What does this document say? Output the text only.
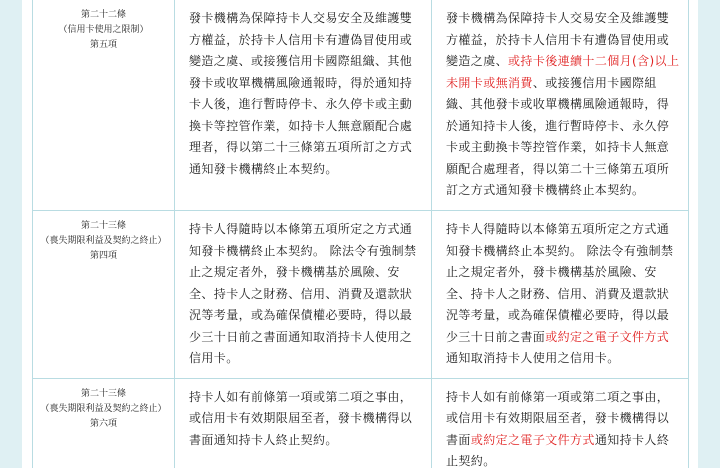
第二十二條
（信用卡使用之限制）
第五項	發卡機構為保障持卡人交易安全及維護雙方權益，於持卡人信用卡有遭偽冒使用或變造之虞、或接獲信用卡國際組織、其他發卡或收單機構風險通報時，得於通知持卡人後，進行暫時停卡、永久停卡或主動換卡等控管作業，如持卡人無意願配合處理者，得以第二十三條第五項所訂之方式通知發卡機構終止本契約。	發卡機構為保障持卡人交易安全及維護雙方權益，於持卡人信用卡有遭偽冒使用或變造之虞、或持卡後連續十二個月(含)以上未開卡或無消費、或接獲信用卡國際組織、其他發卡或收單機構風險通報時，得於通知持卡人後，進行暫時停卡、永久停卡或主動換卡等控管作業，如持卡人無意願配合處理者，得以第二十三條第五項所訂之方式通知發卡機構終止本契約。

第二十三條
（喪失期限利益及契約之終止）
第四項	持卡人得隨時以本條第五項所定之方式通知發卡機構終止本契約。 除法令有強制禁止之規定者外，發卡機構基於風險、安全、持卡人之財務、信用、消費及還款狀況等考量，或為確保債權必要時，得以最少三十日前之書面通知取消持卡人使用之信用卡。	持卡人得隨時以本條第五項所定之方式通知發卡機構終止本契約。 除法令有強制禁止之規定者外，發卡機構基於風險、安全、持卡人之財務、信用、消費及還款狀況等考量，或為確保債權必要時，得以最少三十日前之書面或約定之電子文件方式通知取消持卡人使用之信用卡。

第二十三條
（喪失期限利益及契約之終止）
第六項	持卡人如有前條第一項或第二項之事由，或信用卡有效期限屆至者，發卡機構得以書面通知持卡人終止契約。	持卡人如有前條第一項或第二項之事由，或信用卡有效期限屆至者，發卡機構得以書面或約定之電子文件方式通知持卡人終止契約。
